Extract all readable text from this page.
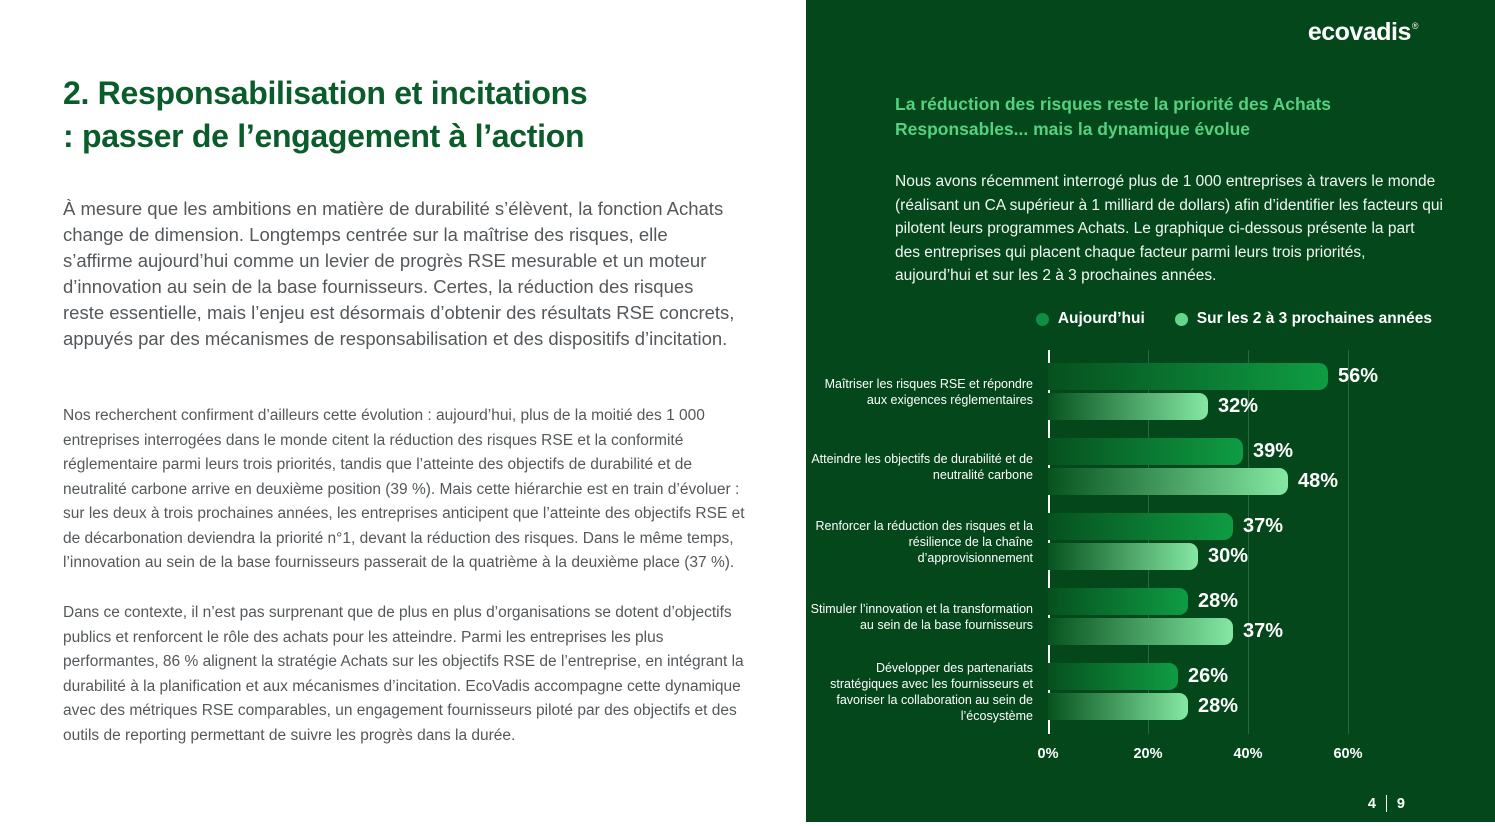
2. Responsabilisation et incitations
: passer de l’engagement à l’action

À mesure que les ambitions en matière de durabilité s’élèvent, la fonction Achats change de dimension. Longtemps centrée sur la maîtrise des risques, elle s’affirme aujourd’hui comme un levier de progrès RSE mesurable et un moteur d’innovation au sein de la base fournisseurs. Certes, la réduction des risques reste essentielle, mais l’enjeu est désormais d’obtenir des résultats RSE concrets, appuyés par des mécanismes de responsabilisation et des dispositifs d’incitation.

Nos recherchent confirment d’ailleurs cette évolution : aujourd’hui, plus de la moitié des 1 000 entreprises interrogées dans le monde citent la réduction des risques RSE et la conformité réglementaire parmi leurs trois priorités, tandis que l’atteinte des objectifs de durabilité et de neutralité carbone arrive en deuxième position (39 %). Mais cette hiérarchie est en train d’évoluer : sur les deux à trois prochaines années, les entreprises anticipent que l’atteinte des objectifs RSE et de décarbonation deviendra la priorité n°1, devant la réduction des risques. Dans le même temps, l’innovation au sein de la base fournisseurs passerait de la quatrième à la deuxième place (37 %).

Dans ce contexte, il n’est pas surprenant que de plus en plus d’organisations se dotent d’objectifs publics et renforcent le rôle des achats pour les atteindre. Parmi les entreprises les plus performantes, 86 % alignent la stratégie Achats sur les objectifs RSE de l’entreprise, en intégrant la durabilité à la planification et aux mécanismes d’incitation. EcoVadis accompagne cette dynamique avec des métriques RSE comparables, un engagement fournisseurs piloté par des objectifs et des outils de reporting permettant de suivre les progrès dans la durée.

ecovadis®
La réduction des risques reste la priorité des Achats Responsables... mais la dynamique évolue

Nous avons récemment interrogé plus de 1 000 entreprises à travers le monde (réalisant un CA supérieur à 1 milliard de dollars) afin d’identifier les facteurs qui pilotent leurs programmes Achats. Le graphique ci-dessous présente la part des entreprises qui placent chaque facteur parmi leurs trois priorités, aujourd’hui et sur les 2 à 3 prochaines années.

Aujourd’hui	Sur les 2 à 3 prochaines années
Maîtriser les risques RSE et répondre aux exigences réglementaires
56%
32%
Atteindre les objectifs de durabilité et de neutralité carbone
39%
48%
Renforcer la réduction des risques et la résilience de la chaîne d’approvisionnement
37%
30%
Stimuler l’innovation et la transformation au sein de la base fournisseurs
28%
37%
Développer des partenariats stratégiques avec les fournisseurs et favoriser la collaboration au sein de l’écosystème
26%
28%
0%	20%	40%	60%
4 9
